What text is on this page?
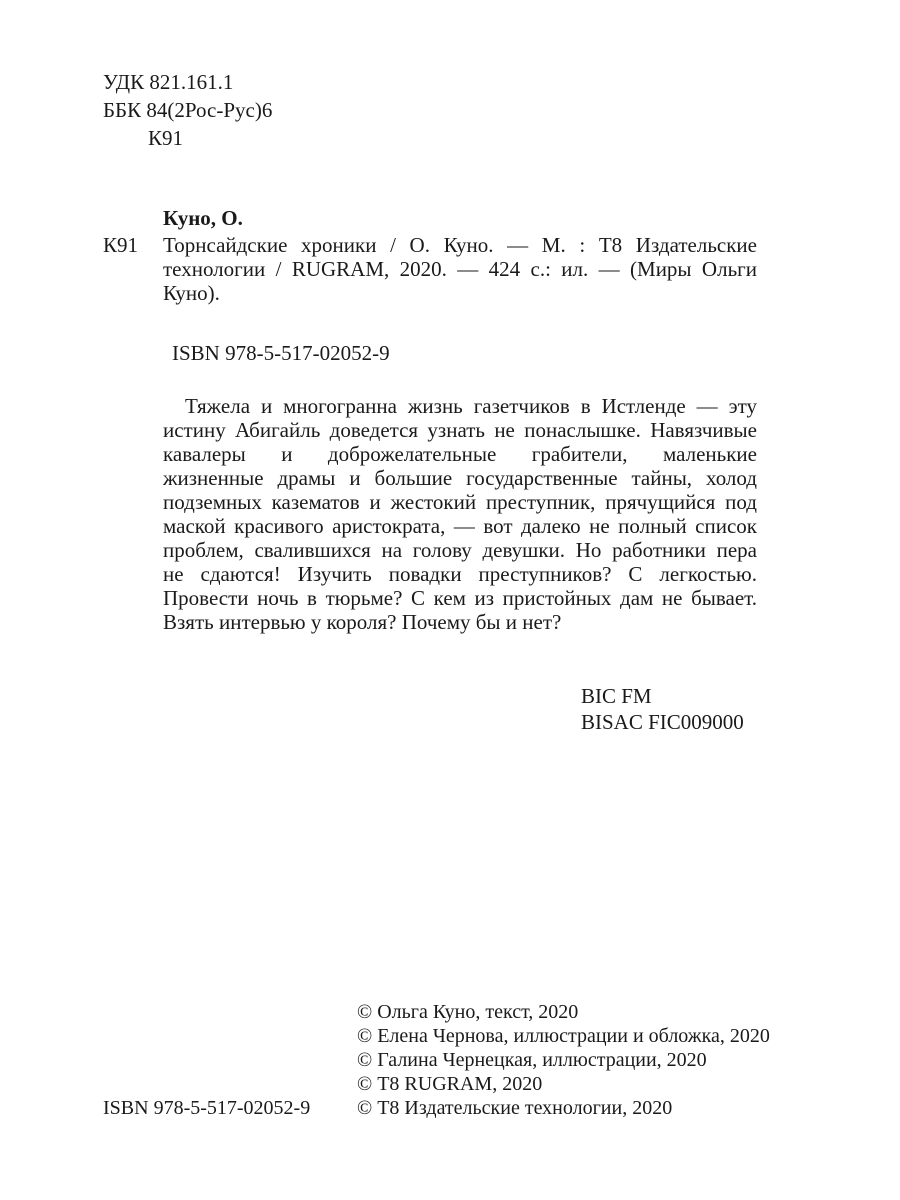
УДК 821.161.1
ББК 84(2Рос-Рус)6
К91
Куно, О.
К91 Торнсайдские хроники / О. Куно. — М. : Т8 Издательские

технологии / RUGRAM, 2020. — 424 с.: ил. — (Миры Ольги

Куно).

ISBN 978-5-517-02052-9

Тяжела и многогранна жизнь газетчиков в Истленде — эту

истину Абигайль доведется узнать не понаслышке. Навязчивые

кавалеры и доброжелательные грабители, маленькие

жизненные драмы и большие государственные тайны, холод

подземных казематов и жестокий преступник, прячущийся под

маской красивого аристократа, — вот далеко не полный список

проблем, свалившихся на голову девушки. Но работники пера

не сдаются! Изучить повадки преступников? С легкостью.

Провести ночь в тюрьме? С кем из пристойных дам не бывает.

Взять интервью у короля? Почему бы и нет?

BIC FM
BISAC FIC009000
© Ольга Куно, текст, 2020
© Елена Чернова, иллюстрации и обложка, 2020
© Галина Чернецкая, иллюстрации, 2020
© Т8 RUGRAM, 2020
© Т8 Издательские технологии, 2020
ISBN 978-5-517-02052-9
